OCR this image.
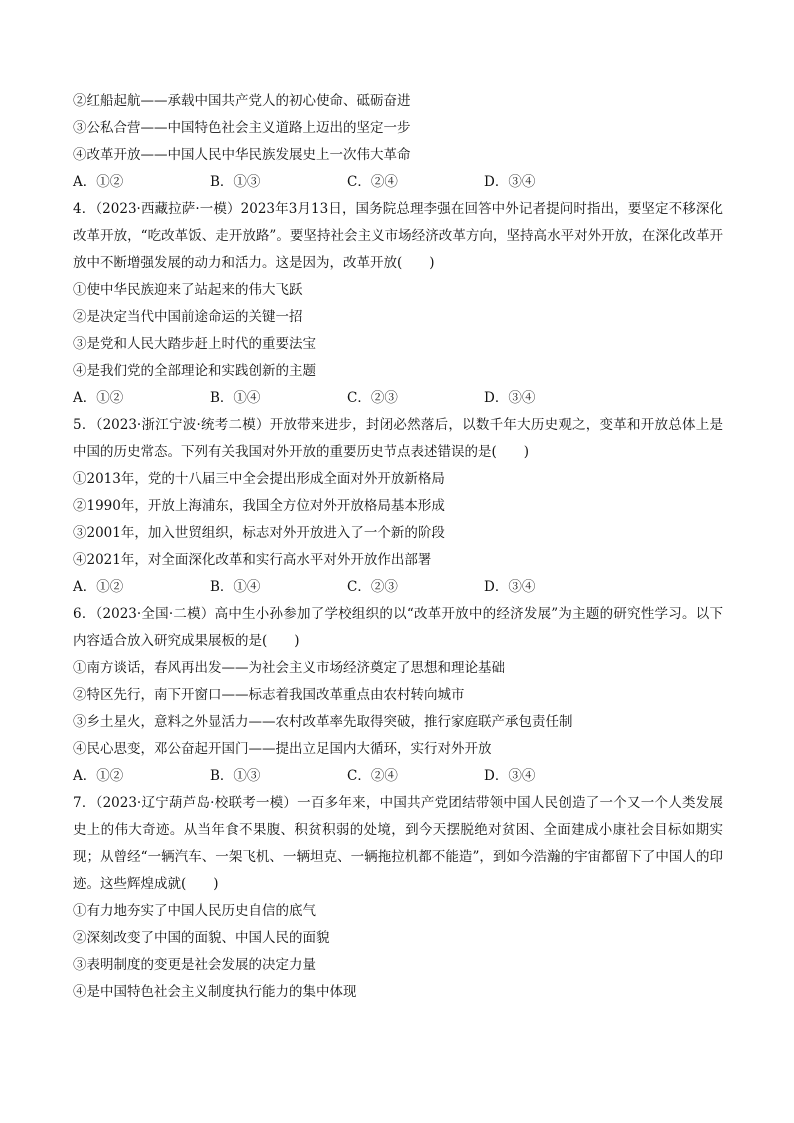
②红船起航——承载中国共产党人的初心使命、砥砺奋进
③公私合营——中国特色社会主义道路上迈出的坚定一步
④改革开放——中国人民中华民族发展史上一次伟大革命
A．①②	B．①③	C．②④	D．③④
4．（2023·西藏拉萨·一模）2023年3月13日，国务院总理李强在回答中外记者提问时指出，要坚定不移深化改革开放，“吃改革饭、走开放路”。要坚持社会主义市场经济改革方向，坚持高水平对外开放，在深化改革开放中不断增强发展的动力和活力。这是因为，改革开放(　　)
①使中华民族迎来了站起来的伟大飞跃
②是决定当代中国前途命运的关键一招
③是党和人民大踏步赶上时代的重要法宝
④是我们党的全部理论和实践创新的主题
A．①②	B．①④	C．②③	D．③④
5．（2023·浙江宁波·统考二模）开放带来进步，封闭必然落后，以数千年大历史观之，变革和开放总体上是中国的历史常态。下列有关我国对外开放的重要历史节点表述错误的是(　　)
①2013年，党的十八届三中全会提出形成全面对外开放新格局
②1990年，开放上海浦东，我国全方位对外开放格局基本形成
③2001年，加入世贸组织，标志对外开放进入了一个新的阶段
④2021年，对全面深化改革和实行高水平对外开放作出部署
A．①②	B．①④	C．②③	D．③④
6．（2023·全国·二模）高中生小孙参加了学校组织的以“改革开放中的经济发展”为主题的研究性学习。以下内容适合放入研究成果展板的是(　　)
①南方谈话，春风再出发——为社会主义市场经济奠定了思想和理论基础
②特区先行，南下开窗口——标志着我国改革重点由农村转向城市
③乡土星火，意料之外显活力——农村改革率先取得突破，推行家庭联产承包责任制
④民心思变，邓公奋起开国门——提出立足国内大循环，实行对外开放
A．①②	B．①③	C．②④	D．③④
7．（2023·辽宁葫芦岛·校联考一模）一百多年来，中国共产党团结带领中国人民创造了一个又一个人类发展史上的伟大奇迹。从当年食不果腹、积贫积弱的处境，到今天摆脱绝对贫困、全面建成小康社会目标如期实现；从曾经“一辆汽车、一架飞机、一辆坦克、一辆拖拉机都不能造”，到如今浩瀚的宇宙都留下了中国人的印迹。这些辉煌成就(　　)
①有力地夯实了中国人民历史自信的底气
②深刻改变了中国的面貌、中国人民的面貌
③表明制度的变更是社会发展的决定力量
④是中国特色社会主义制度执行能力的集中体现
